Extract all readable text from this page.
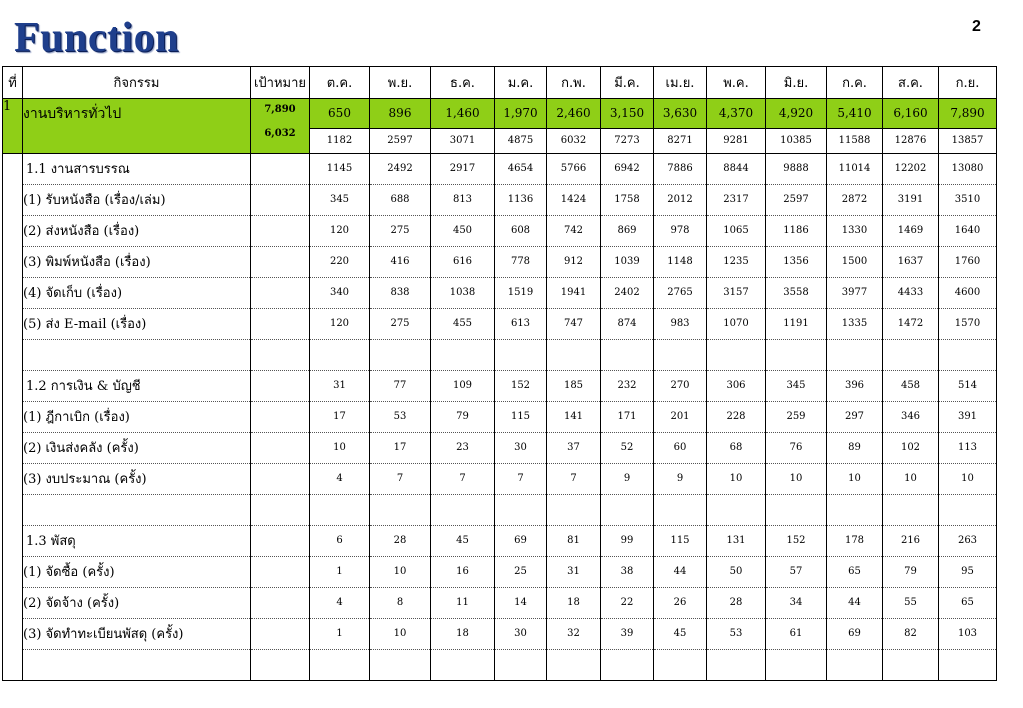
Function	2
ที่	กิจกรรม	เป้าหมาย	ต.ค.	พ.ย.	ธ.ค.	ม.ค.	ก.พ.	มี.ค.	เม.ย.	พ.ค.	มิ.ย.	ก.ค.	ส.ค.	ก.ย.
1	งานบริหารทั่วไป	7,890	650	896	1,460	1,970	2,460	3,150	3,630	4,370	4,920	5,410	6,160	7,890
		6,032	1182	2597	3071	4875	6032	7273	8271	9281	10385	11588	12876	13857
	1.1 งานสารบรรณ		1145	2492	2917	4654	5766	6942	7886	8844	9888	11014	12202	13080
	(1) รับหนังสือ (เรื่อง/เล่ม)		345	688	813	1136	1424	1758	2012	2317	2597	2872	3191	3510
	(2) ส่งหนังสือ (เรื่อง)		120	275	450	608	742	869	978	1065	1186	1330	1469	1640
	(3) พิมพ์หนังสือ (เรื่อง)		220	416	616	778	912	1039	1148	1235	1356	1500	1637	1760
	(4) จัดเก็บ (เรื่อง)		340	838	1038	1519	1941	2402	2765	3157	3558	3977	4433	4600
	(5) ส่ง E-mail (เรื่อง)		120	275	455	613	747	874	983	1070	1191	1335	1472	1570

	1.2 การเงิน & บัญชี		31	77	109	152	185	232	270	306	345	396	458	514
	(1) ฎีกาเบิก (เรื่อง)		17	53	79	115	141	171	201	228	259	297	346	391
	(2) เงินส่งคลัง (ครั้ง)		10	17	23	30	37	52	60	68	76	89	102	113
	(3) งบประมาณ (ครั้ง)		4	7	7	7	7	9	9	10	10	10	10	10

	1.3 พัสดุ		6	28	45	69	81	99	115	131	152	178	216	263
	(1) จัดซื้อ (ครั้ง)		1	10	16	25	31	38	44	50	57	65	79	95
	(2) จัดจ้าง (ครั้ง)		4	8	11	14	18	22	26	28	34	44	55	65
	(3) จัดทำทะเบียนพัสดุ (ครั้ง)		1	10	18	30	32	39	45	53	61	69	82	103
